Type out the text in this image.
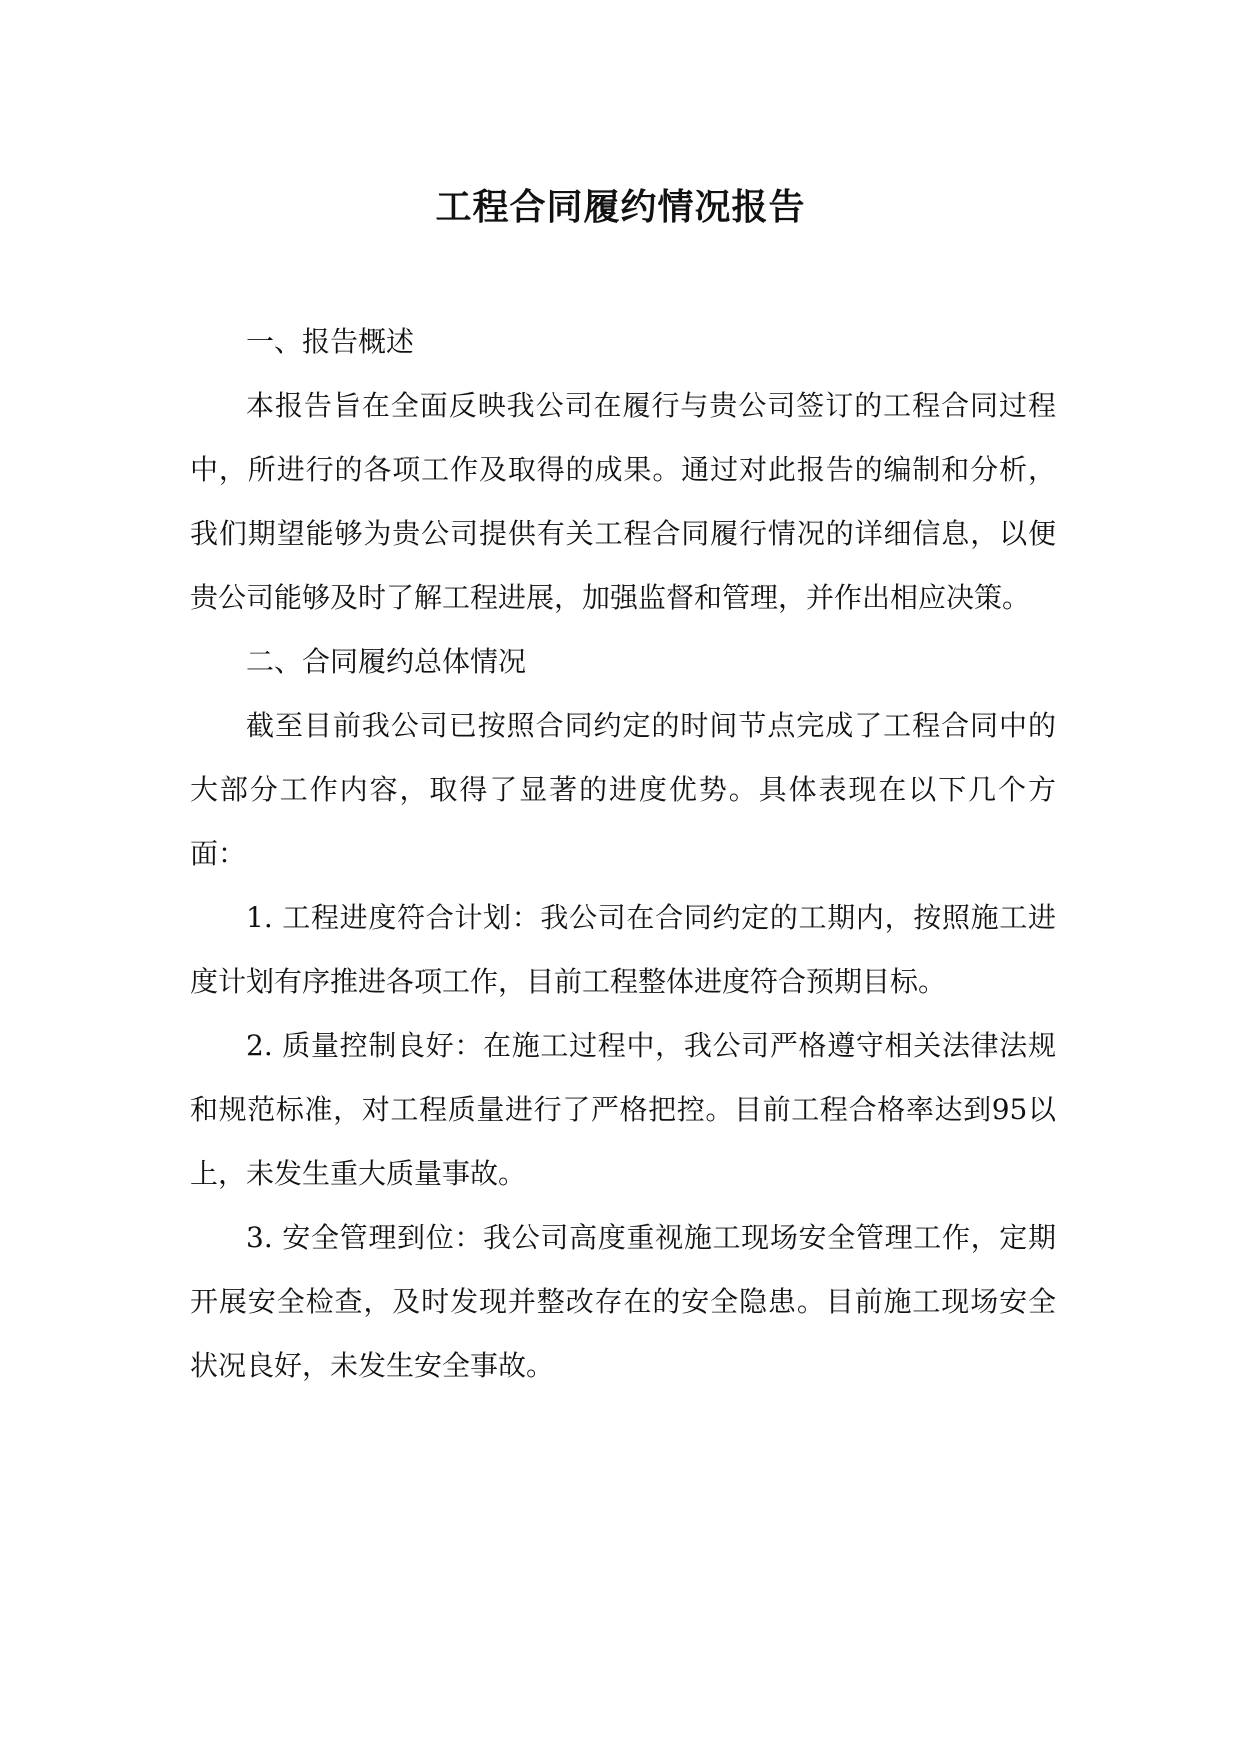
工程合同履约情况报告

一、报告概述

本报告旨在全面反映我公司在履行与贵公司签订的工程合同过程中，所进行的各项工作及取得的成果。通过对此报告的编制和分析，我们期望能够为贵公司提供有关工程合同履行情况的详细信息，以便贵公司能够及时了解工程进展，加强监督和管理，并作出相应决策。

二、合同履约总体情况

截至目前我公司已按照合同约定的时间节点完成了工程合同中的大部分工作内容，取得了显著的进度优势。具体表现在以下几个方面：

1. 工程进度符合计划：我公司在合同约定的工期内，按照施工进度计划有序推进各项工作，目前工程整体进度符合预期目标。

2. 质量控制良好：在施工过程中，我公司严格遵守相关法律法规和规范标准，对工程质量进行了严格把控。目前工程合格率达到95以上，未发生重大质量事故。

3. 安全管理到位：我公司高度重视施工现场安全管理工作，定期开展安全检查，及时发现并整改存在的安全隐患。目前施工现场安全状况良好，未发生安全事故。
